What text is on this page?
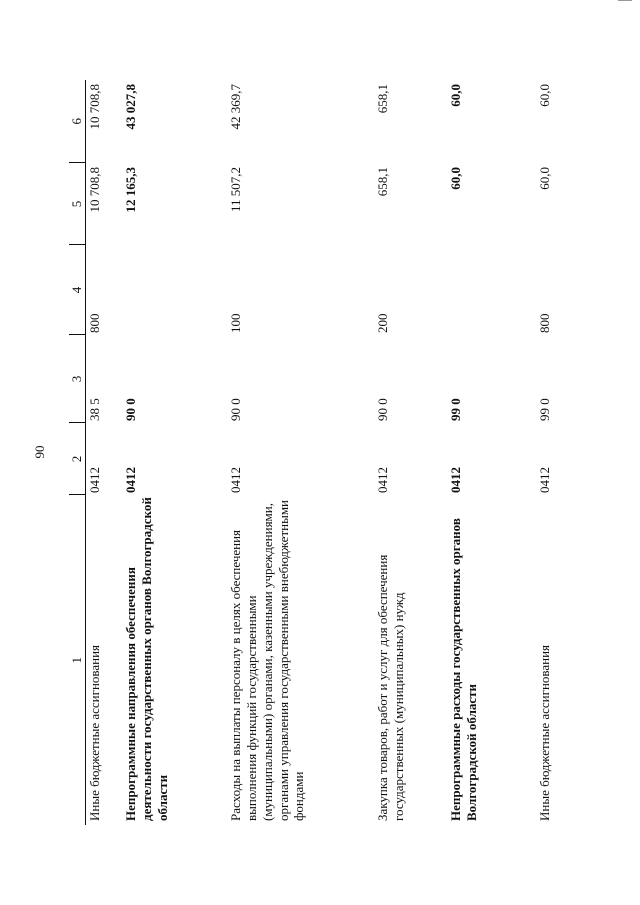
90
1	2	3	4	5	6
Иные бюджетные ассигнования	0412	38 5	800	10 708,8	10 708,8
Непрограммные направления обеспечения деятельности государственных органов Волгоградской области	0412	90 0		12 165,3	43 027,8
Расходы на выплаты персоналу в целях обеспечения выполнения функций государственными (муниципальными) органами, казенными учреждениями, органами управления государственными внебюджетными фондами	0412	90 0	100	11 507,2	42 369,7
Закупка товаров, работ и услуг для обеспечения государственных (муниципальных) нужд	0412	90 0	200	658,1	658,1
Непрограммные расходы государственных органов Волгоградской области	0412	99 0		60,0	60,0
Иные бюджетные ассигнования	0412	99 0	800	60,0	60,0
